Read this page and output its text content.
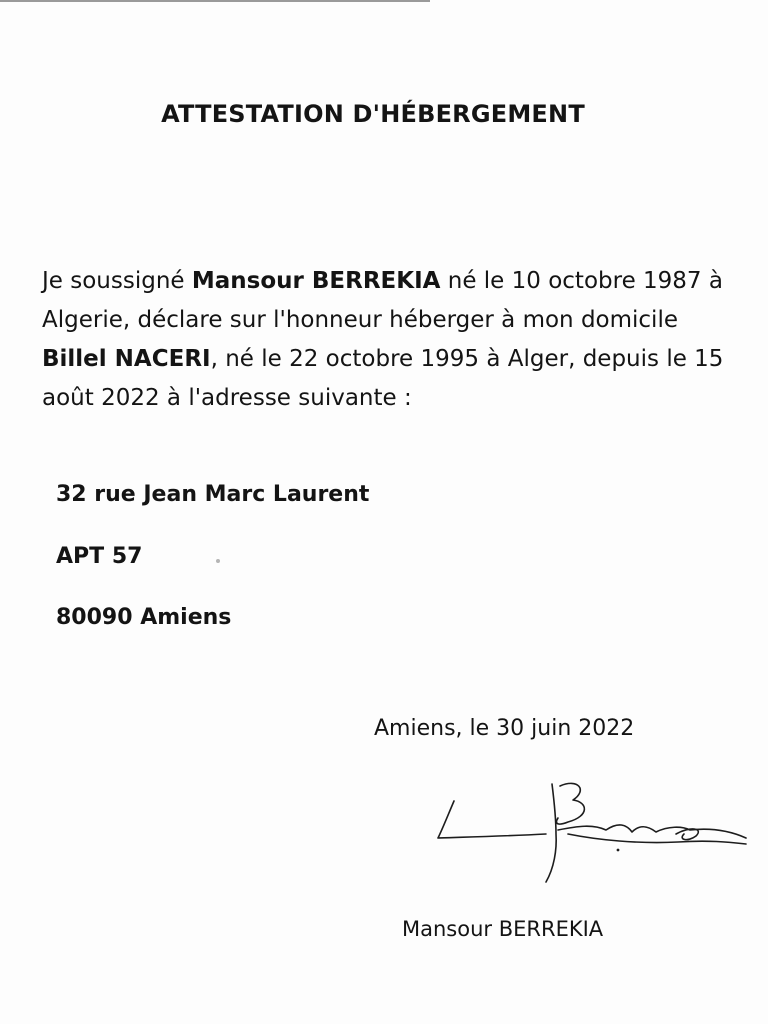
ATTESTATION D'HÉBERGEMENT
Je soussigné Mansour BERREKIA né le 10 octobre 1987 à Algerie, déclare sur l'honneur héberger à mon domicile Billel NACERI, né le 22 octobre 1995 à Alger, depuis le 15 août 2022 à l'adresse suivante :
32 rue Jean Marc Laurent
APT 57
80090 Amiens
Amiens, le 30 juin 2022
Mansour BERREKIA
